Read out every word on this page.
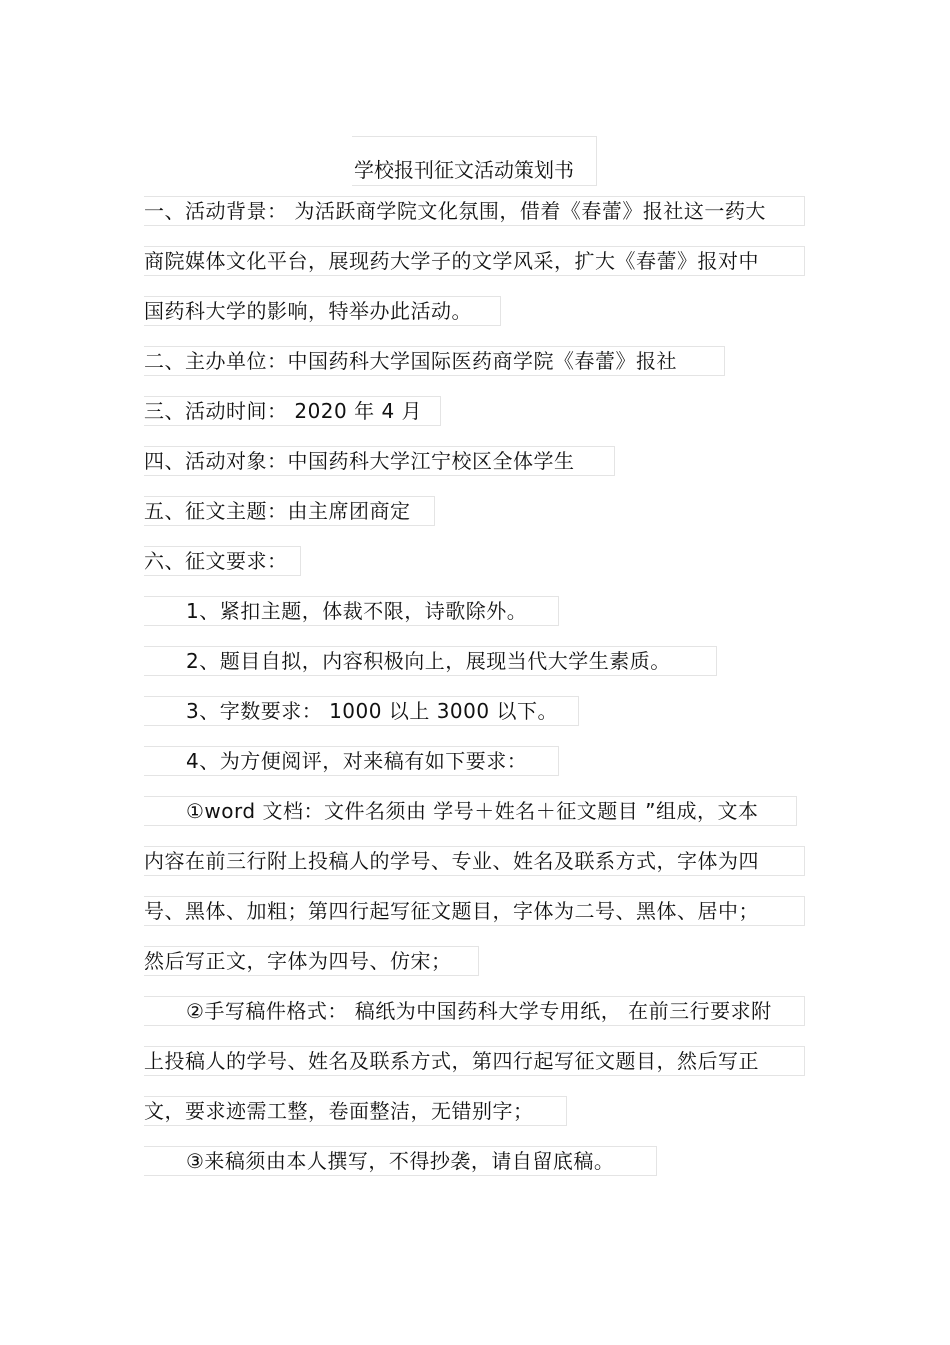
学校报刊征文活动策划书
一、活动背景： 为活跃商学院文化氛围，借着《春蕾》报社这一药大
商院媒体文化平台，展现药大学子的文学风采，扩大《春蕾》报对中
国药科大学的影响，特举办此活动。
二、主办单位：中国药科大学国际医药商学院《春蕾》报社
三、活动时间： 2020 年 4 月
四、活动对象：中国药科大学江宁校区全体学生
五、征文主题：由主席团商定
六、征文要求：
1、紧扣主题，体裁不限，诗歌除外。
2、题目自拟，内容积极向上，展现当代大学生素质。
3、字数要求： 1000 以上 3000 以下。
4、为方便阅评，对来稿有如下要求：
①word 文档：文件名须由 学号＋姓名＋征文题目 ”组成，文本
内容在前三行附上投稿人的学号、专业、姓名及联系方式，字体为四
号、黑体、加粗；第四行起写征文题目，字体为二号、黑体、居中；
然后写正文，字体为四号、仿宋；
②手写稿件格式： 稿纸为中国药科大学专用纸， 在前三行要求附
上投稿人的学号、姓名及联系方式，第四行起写征文题目，然后写正
文，要求迹需工整，卷面整洁，无错别字；
③来稿须由本人撰写，不得抄袭，请自留底稿。
